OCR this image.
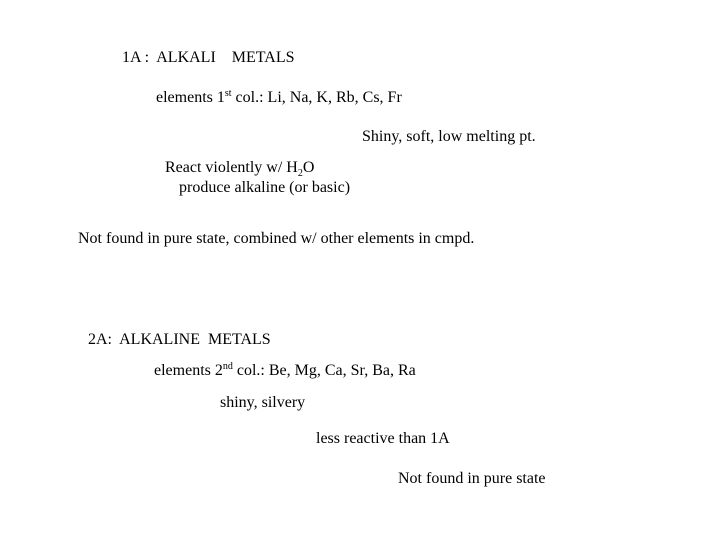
1A :  ALKALI    METALS

elements 1st col.: Li, Na, K, Rb, Cs, Fr

Shiny, soft, low melting pt.

React violently w/ $H_2O$

produce alkaline (or basic)

Not found in pure state, combined w/ other elements in cmpd.

2A:  ALKALINE  METALS

elements 2nd col.: Be, Mg, Ca, Sr, Ba, Ra

shiny, silvery

less reactive than 1A

Not found in pure state
